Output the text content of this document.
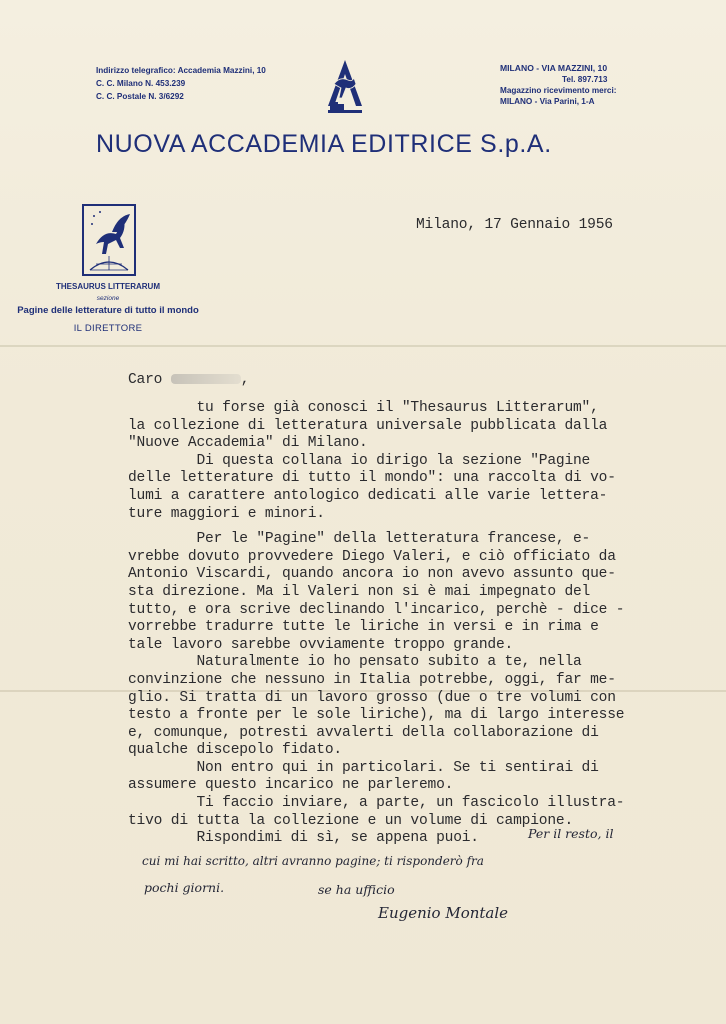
Indirizzo telegrafico: Accademia Mazzini, 10
C. C. Milano N. 453.239
C. C. Postale N. 3/6292
MILANO - VIA MAZZINI, 10
Tel. 897.713
Magazzino ricevimento merci:
MILANO - Via Parini, 1-A
NUOVA ACCADEMIA EDITRICE S.p.A.
THESAURUS LITTERARUM
sezione
Pagine delle letterature di tutto il mondo
IL DIRETTORE
Milano, 17 Gennaio 1956
Caro	,
tu forse già conosci il "Thesaurus Litterarum",
la collezione di letteratura universale pubblicata dalla
"Nuove Accademia" di Milano.
Di questa collana io dirigo la sezione "Pagine
delle letterature di tutto il mondo": una raccolta di vo-
lumi a carattere antologico dedicati alle varie lettera-
ture maggiori e minori.
Per le "Pagine" della letteratura francese, e-
vrebbe dovuto provvedere Diego Valeri, e ciò officiato da
Antonio Viscardi, quando ancora io non avevo assunto que-
sta direzione. Ma il Valeri non si è mai impegnato del
tutto, e ora scrive declinando l'incarico, perchè - dice -
vorrebbe tradurre tutte le liriche in versi e in rima e
tale lavoro sarebbe ovviamente troppo grande.
Naturalmente io ho pensato subito a te, nella
convinzione che nessuno in Italia potrebbe, oggi, far me-
glio. Si tratta di un lavoro grosso (due o tre volumi con
testo a fronte per le sole liriche), ma di largo interesse
e, comunque, potresti avvalerti della collaborazione di
qualche discepolo fidato.
Non entro qui in particolari. Se ti sentirai di
assumere questo incarico ne parleremo.
Ti faccio inviare, a parte, un fascicolo illustra-
tivo di tutta la collezione e un volume di campione.
Rispondimi di sì, se appena puoi.	Per il resto, il
cui mi hai scritto, altri avranno pagine; ti risponderò fra
pochi giorni.	se ha ufficio
Eugenio Montale
